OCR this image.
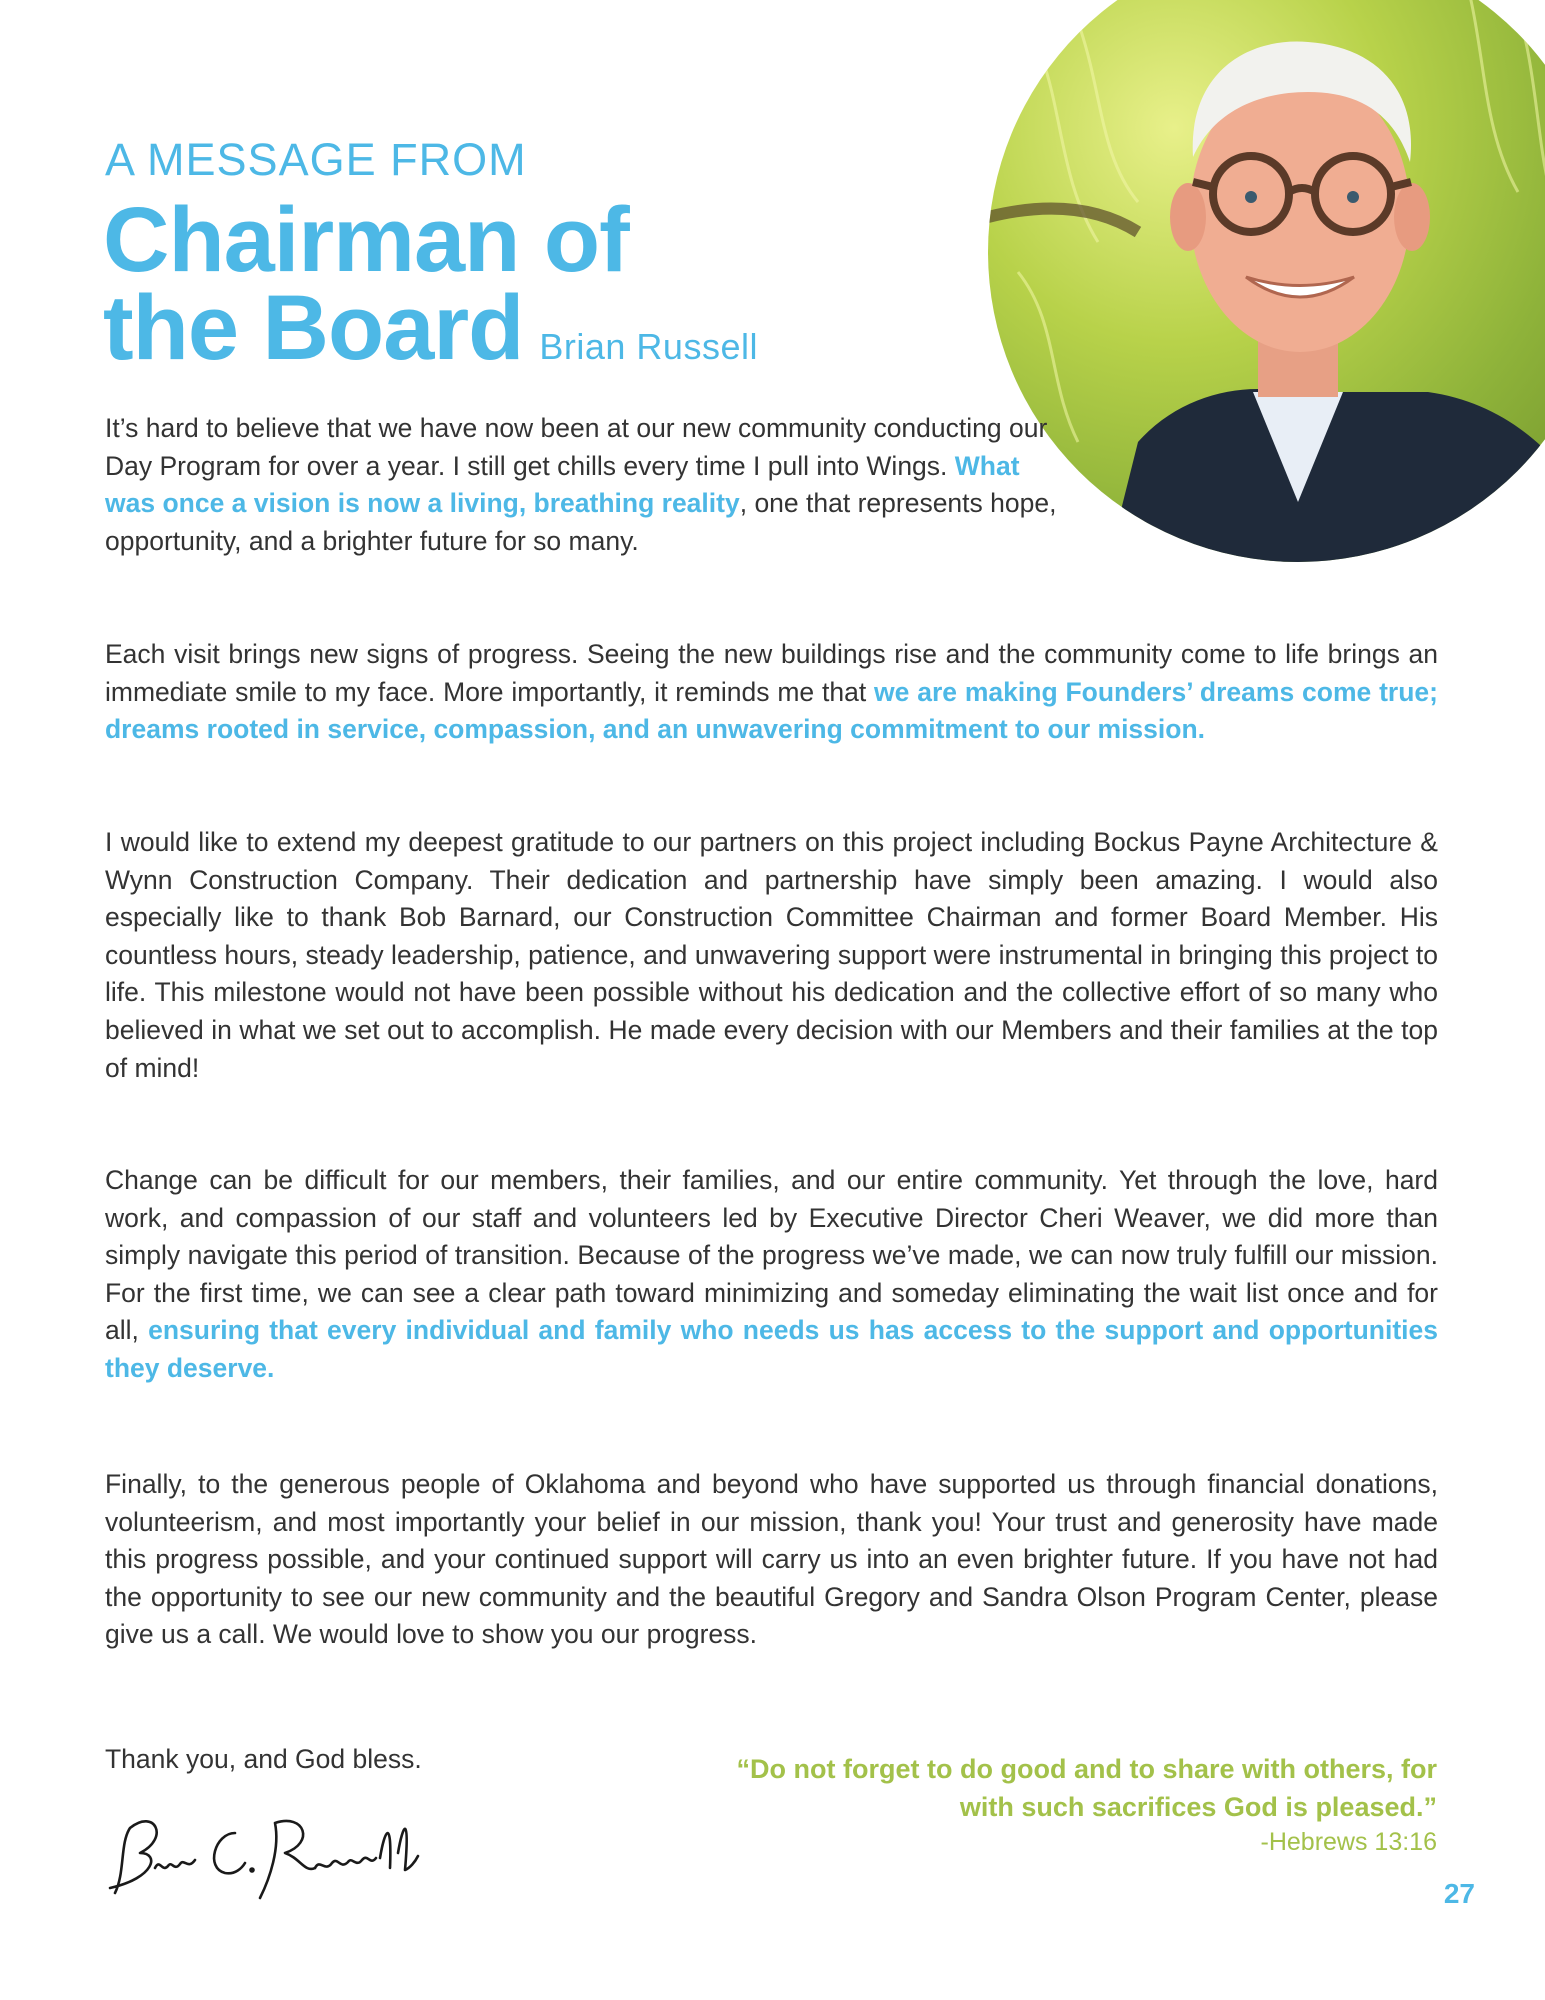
A MESSAGE FROM
Chairman of
the Board Brian Russell
It’s hard to believe that we have now been at our new community conducting our Day Program for over a year. I still get chills every time I pull into Wings. What was once a vision is now a living, breathing reality, one that represents hope, opportunity, and a brighter future for so many.
Each visit brings new signs of progress. Seeing the new buildings rise and the community come to life brings an immediate smile to my face. More importantly, it reminds me that we are making Founders’ dreams come true; dreams rooted in service, compassion, and an unwavering commitment to our mission.
I would like to extend my deepest gratitude to our partners on this project including Bockus Payne Architecture & Wynn Construction Company. Their dedication and partnership have simply been amazing. I would also especially like to thank Bob Barnard, our Construction Committee Chairman and former Board Member. His countless hours, steady leadership, patience, and unwavering support were instrumental in bringing this project to life. This milestone would not have been possible without his dedication and the collective effort of so many who believed in what we set out to accomplish. He made every decision with our Members and their families at the top of mind!
Change can be difficult for our members, their families, and our entire community. Yet through the love, hard work, and compassion of our staff and volunteers led by Executive Director Cheri Weaver, we did more than simply navigate this period of transition. Because of the progress we’ve made, we can now truly fulfill our mission. For the first time, we can see a clear path toward minimizing and someday eliminating the wait list once and for all, ensuring that every individual and family who needs us has access to the support and opportunities they deserve.
Finally, to the generous people of Oklahoma and beyond who have supported us through financial donations, volunteerism, and most importantly your belief in our mission, thank you! Your trust and generosity have made this progress possible, and your continued support will carry us into an even brighter future. If you have not had the opportunity to see our new community and the beautiful Gregory and Sandra Olson Program Center, please give us a call. We would love to show you our progress.
Thank you, and God bless.	“Do not forget to do good and to share with others, for with such sacrifices God is pleased.”
-Hebrews 13:16
27
